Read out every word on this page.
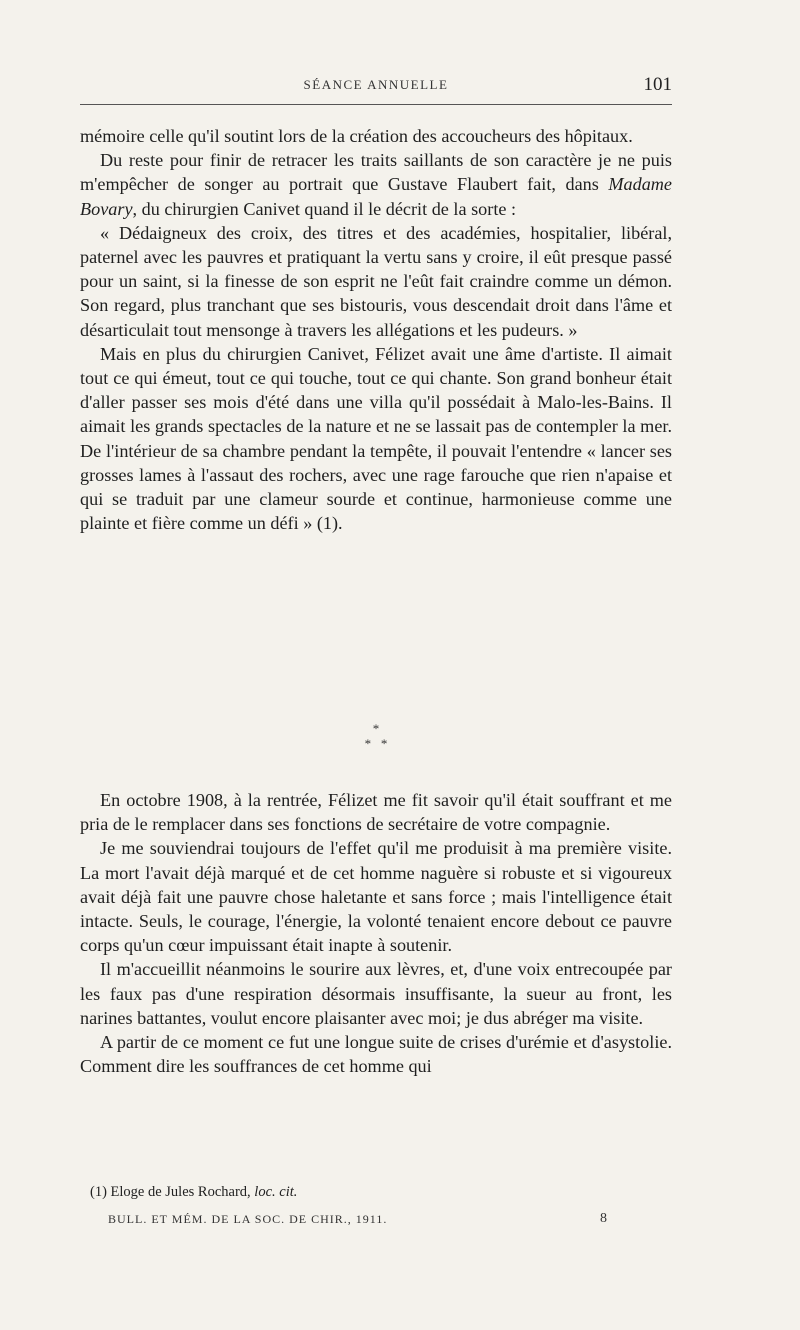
SÉANCE ANNUELLE	101

mémoire celle qu'il soutint lors de la création des accoucheurs des hôpitaux.

Du reste pour finir de retracer les traits saillants de son caractère je ne puis m'empêcher de songer au portrait que Gustave Flaubert fait, dans Madame Bovary, du chirurgien Canivet quand il le décrit de la sorte :

« Dédaigneux des croix, des titres et des académies, hospitalier, libéral, paternel avec les pauvres et pratiquant la vertu sans y croire, il eût presque passé pour un saint, si la finesse de son esprit ne l'eût fait craindre comme un démon. Son regard, plus tranchant que ses bistouris, vous descendait droit dans l'âme et désarticulait tout mensonge à travers les allégations et les pudeurs. »

Mais en plus du chirurgien Canivet, Félizet avait une âme d'artiste. Il aimait tout ce qui émeut, tout ce qui touche, tout ce qui chante. Son grand bonheur était d'aller passer ses mois d'été dans une villa qu'il possédait à Malo-les-Bains. Il aimait les grands spectacles de la nature et ne se lassait pas de contempler la mer. De l'intérieur de sa chambre pendant la tempête, il pouvait l'entendre « lancer ses grosses lames à l'assaut des rochers, avec une rage farouche que rien n'apaise et qui se traduit par une clameur sourde et continue, harmonieuse comme une plainte et fière comme un défi » (1).

*
*   *

En octobre 1908, à la rentrée, Félizet me fit savoir qu'il était souffrant et me pria de le remplacer dans ses fonctions de secrétaire de votre compagnie.

Je me souviendrai toujours de l'effet qu'il me produisit à ma première visite. La mort l'avait déjà marqué et de cet homme naguère si robuste et si vigoureux avait déjà fait une pauvre chose haletante et sans force ; mais l'intelligence était intacte. Seuls, le courage, l'énergie, la volonté tenaient encore debout ce pauvre corps qu'un cœur impuissant était inapte à soutenir.

Il m'accueillit néanmoins le sourire aux lèvres, et, d'une voix entrecoupée par les faux pas d'une respiration désormais insuffisante, la sueur au front, les narines battantes, voulut encore plaisanter avec moi; je dus abréger ma visite.

A partir de ce moment ce fut une longue suite de crises d'urémie et d'asystolie. Comment dire les souffrances de cet homme qui

(1) Eloge de Jules Rochard, loc. cit.
BULL. ET MÉM. DE LA SOC. DE CHIR., 1911.	8
